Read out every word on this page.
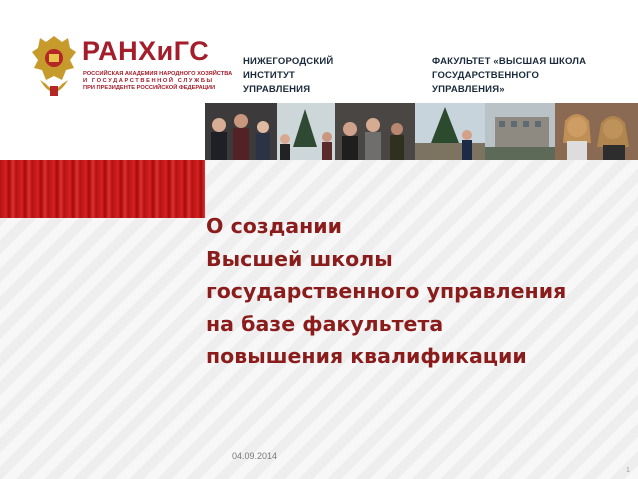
РАНХиГС
РОССИЙСКАЯ АКАДЕМИЯ НАРОДНОГО ХОЗЯЙСТВА
И ГОСУДАРСТВЕННОЙ СЛУЖБЫ
ПРИ ПРЕЗИДЕНТЕ РОССИЙСКОЙ ФЕДЕРАЦИИ
НИЖЕГОРОДСКИЙ
ИНСТИТУТ
УПРАВЛЕНИЯ
ФАКУЛЬТЕТ «ВЫСШАЯ ШКОЛА
ГОСУДАРСТВЕННОГО
УПРАВЛЕНИЯ»
О создании
Высшей школы
государственного управления
на базе факультета
повышения квалификации
04.09.2014
1
